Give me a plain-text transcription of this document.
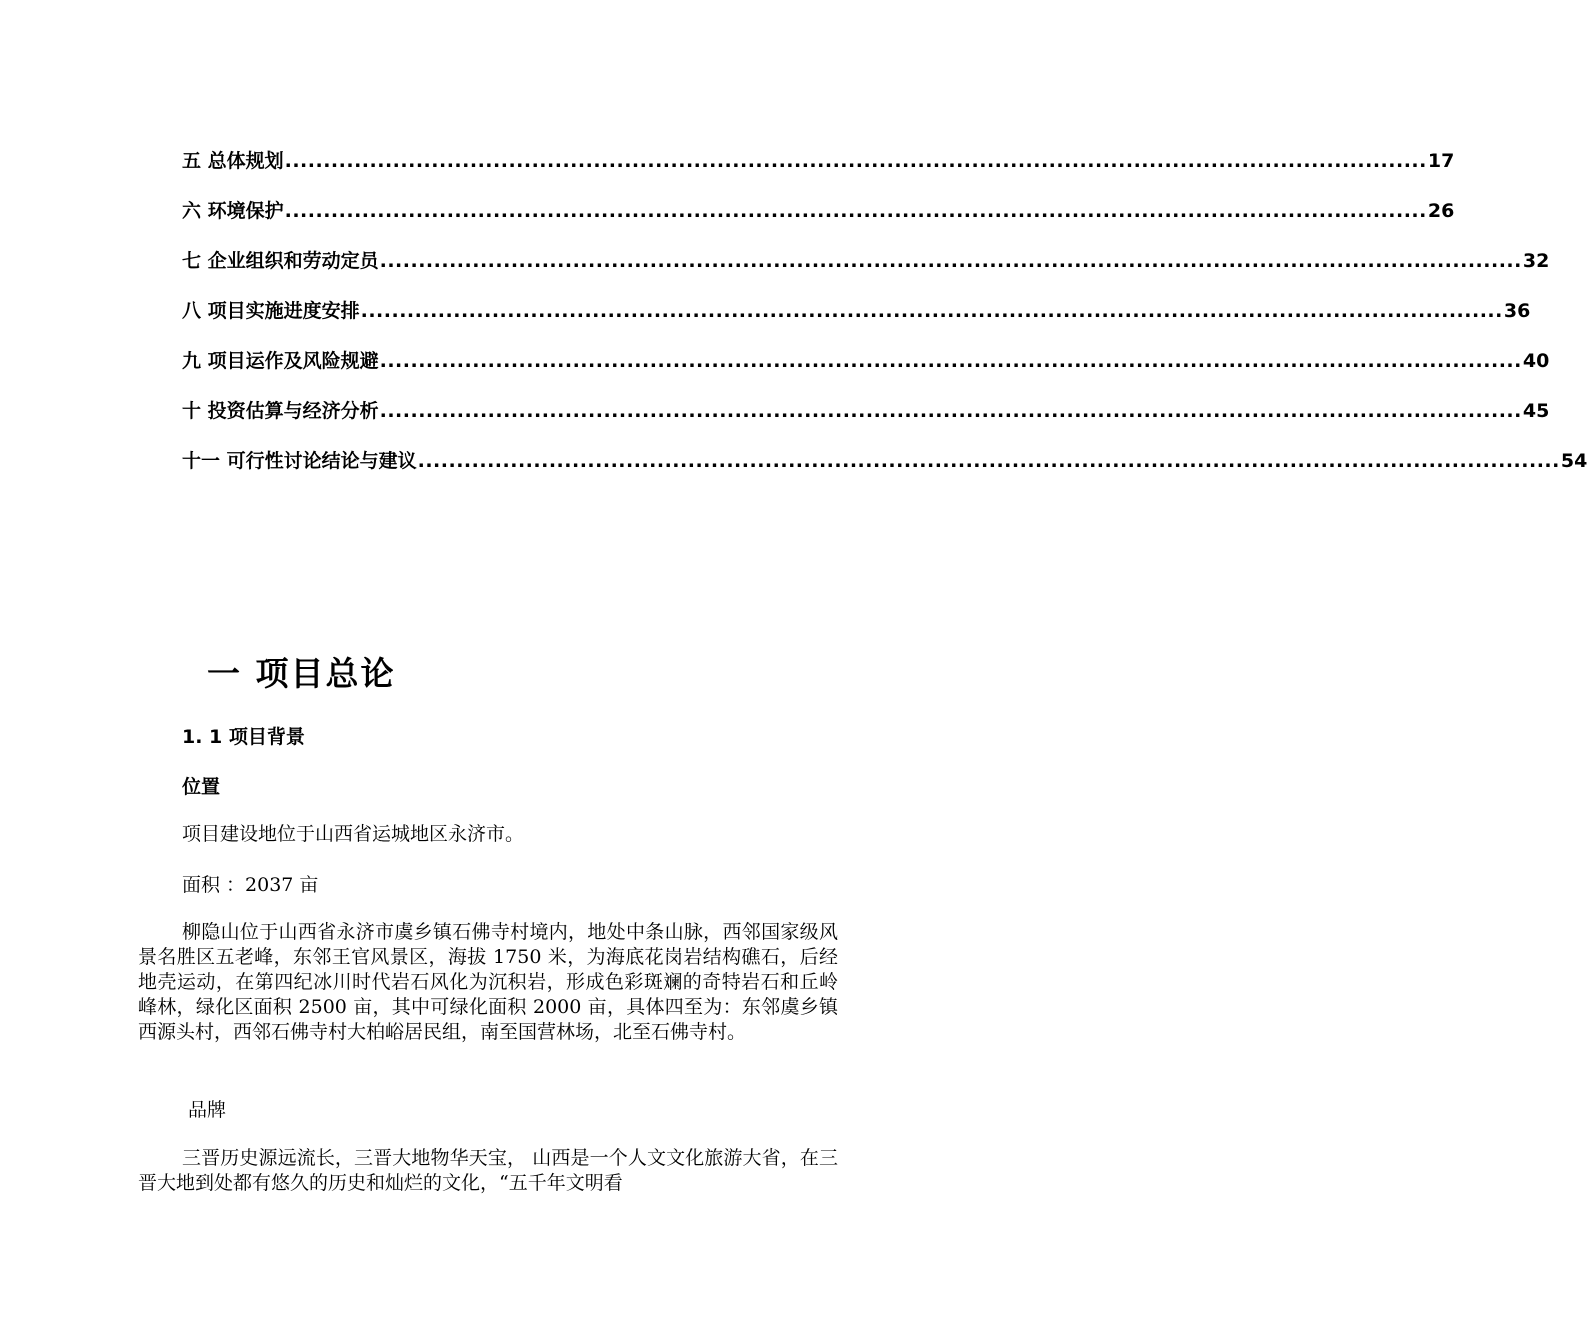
五 总体规划 .................................................................................................................................................... 17
六 环境保护 .................................................................................................................................................... 26
七 企业组织和劳动定员 .................................................................................................................................................... 32
八 项目实施进度安排 .................................................................................................................................................... 36
九 项目运作及风险规避 .................................................................................................................................................... 40
十 投资估算与经济分析 .................................................................................................................................................... 45
十一 可行性讨论结论与建议 .................................................................................................................................................... 54
一 项目总论
1. 1 项目背景
位置

项目建设地位于山西省运城地区永济市。

面积 ：2037 亩

柳隐山位于山西省永济市虞乡镇石佛寺村境内，地处中条山脉，西邻国家级风景名胜区五老峰，东邻王官风景区，海拔 1750 米，为海底花岗岩结构礁石，后经地壳运动，在第四纪冰川时代岩石风化为沉积岩，形成色彩斑斓的奇特岩石和丘岭峰林，绿化区面积 2500 亩，其中可绿化面积 2000 亩，具体四至为：东邻虞乡镇西源头村，西邻石佛寺村大柏峪居民组，南至国营林场，北至石佛寺村。

品牌

三晋历史源远流长，三晋大地物华天宝， 山西是一个人文文化旅游大省，在三晋大地到处都有悠久的历史和灿烂的文化，“五千年文明看
